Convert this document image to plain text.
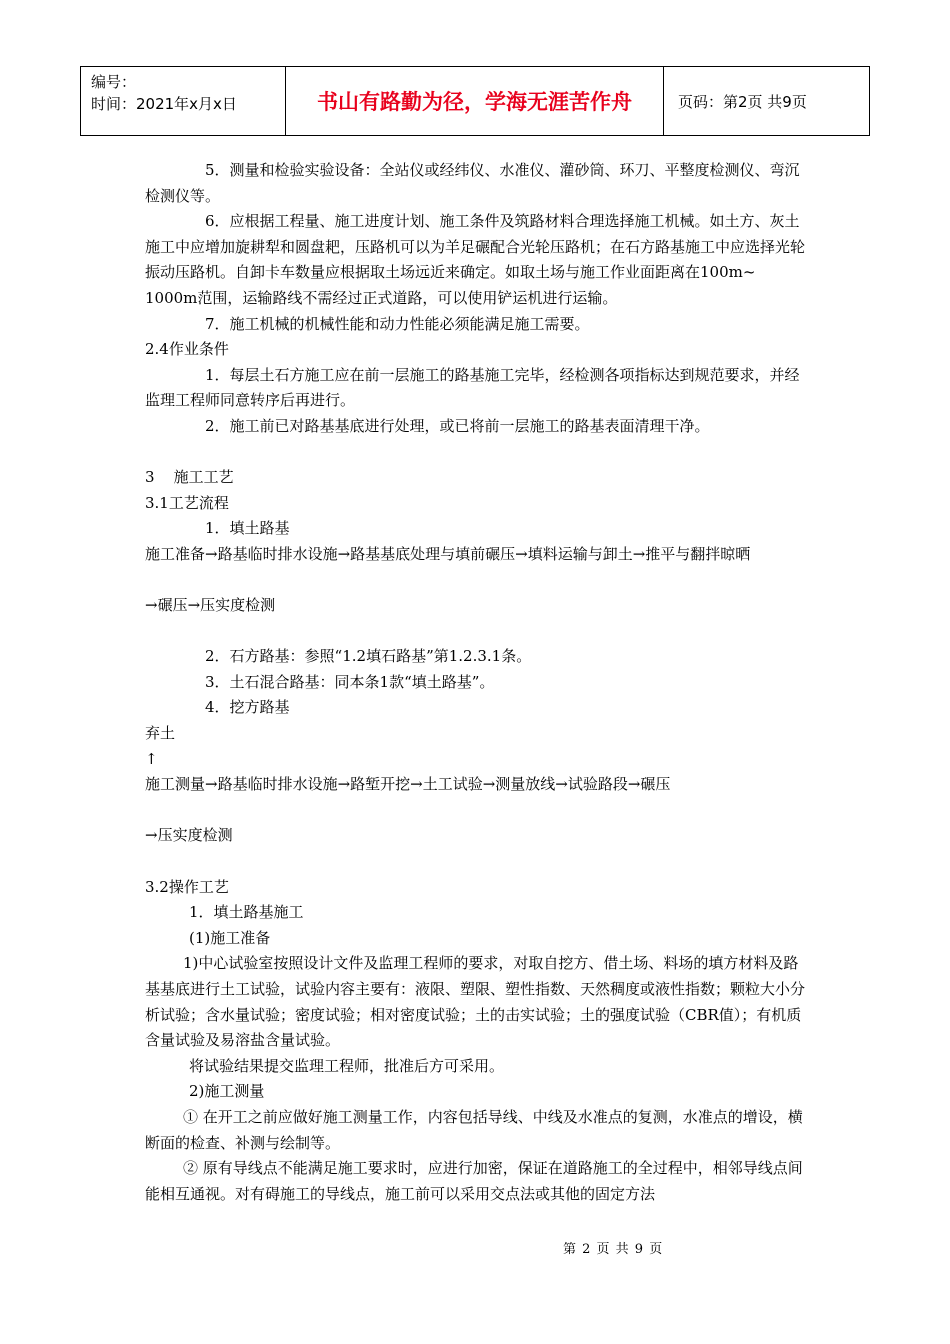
编号：
时间：2021年x月x日	书山有路勤为径，学海无涯苦作舟	页码：第2页 共9页

5．测量和检验实验设备：全站仪或经纬仪、水准仪、灌砂筒、环刀、平整度检测仪、弯沉检测仪等。

6．应根据工程量、施工进度计划、施工条件及筑路材料合理选择施工机械。如土方、灰土施工中应增加旋耕犁和圆盘耙，压路机可以为羊足碾配合光轮压路机；在石方路基施工中应选择光轮振动压路机。自卸卡车数量应根据取土场远近来确定。如取土场与施工作业面距离在100m~ 1000m范围，运输路线不需经过正式道路，可以使用铲运机进行运输。

7．施工机械的机械性能和动力性能必须能满足施工需要。

2.4作业条件

1．每层土石方施工应在前一层施工的路基施工完毕，经检测各项指标达到规范要求，并经监理工程师同意转序后再进行。

2．施工前已对路基基底进行处理，或已将前一层施工的路基表面清理干净。

3    施工工艺

3.1工艺流程

1．填土路基

施工准备→路基临时排水设施→路基基底处理与填前碾压→填料运输与卸土→推平与翻拌晾晒

→碾压→压实度检测

2．石方路基：参照“1.2填石路基”第1.2.3.1条。

3．土石混合路基：同本条1款“填土路基”。

4．挖方路基

弃土

↑

施工测量→路基临时排水设施→路堑开挖→土工试验→测量放线→试验路段→碾压

→压实度检测

3.2操作工艺

1．填土路基施工

(1)施工准备

1)中心试验室按照设计文件及监理工程师的要求，对取自挖方、借土场、料场的填方材料及路基基底进行土工试验，试验内容主要有：液限、塑限、塑性指数、天然稠度或液性指数；颗粒大小分析试验；含水量试验；密度试验；相对密度试验；土的击实试验；土的强度试验（CBR值）；有机质含量试验及易溶盐含量试验。

将试验结果提交监理工程师，批准后方可采用。

2)施工测量

① 在开工之前应做好施工测量工作，内容包括导线、中线及水准点的复测，水准点的增设，横断面的检查、补测与绘制等。

② 原有导线点不能满足施工要求时，应进行加密，保证在道路施工的全过程中，相邻导线点间能相互通视。对有碍施工的导线点，施工前可以采用交点法或其他的固定方法

第 2 页 共 9 页
